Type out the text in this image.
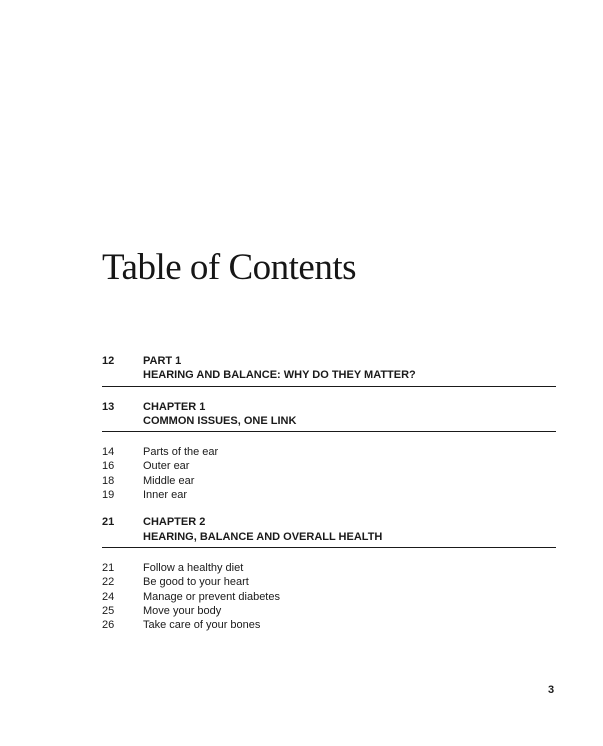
Table of Contents
12	PART 1
HEARING AND BALANCE: WHY DO THEY MATTER?
13	CHAPTER 1
COMMON ISSUES, ONE LINK
14	Parts of the ear
16	Outer ear
18	Middle ear
19	Inner ear
21	CHAPTER 2
HEARING, BALANCE AND OVERALL HEALTH
21	Follow a healthy diet
22	Be good to your heart
24	Manage or prevent diabetes
25	Move your body
26	Take care of your bones
3
